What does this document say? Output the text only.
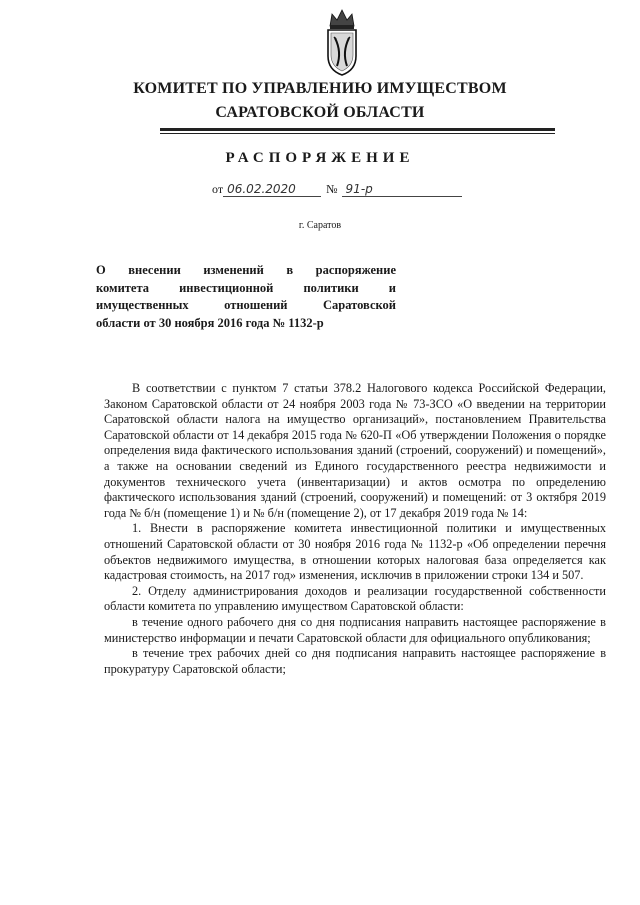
КОМИТЕТ ПО УПРАВЛЕНИЮ ИМУЩЕСТВОМ
САРАТОВСКОЙ ОБЛАСТИ
РАСПОРЯЖЕНИЕ
от 06.02.2020	№ 91-р
г. Саратов
О внесении изменений в распоряжение
комитета инвестиционной политики и
имущественных отношений Саратовской
области от 30 ноября 2016 года № 1132-р

В соответствии с пунктом 7 статьи 378.2 Налогового кодекса Российской Федерации, Законом Саратовской области от 24 ноября 2003 года № 73-ЗСО «О введении на территории Саратовской области налога на имущество организаций», постановлением Правительства Саратовской области от 14 декабря 2015 года № 620-П «Об утверждении Положения о порядке определения вида фактического использования зданий (строений, сооружений) и помещений», а также на основании сведений из Единого государственного реестра недвижимости и документов технического учета (инвентаризации) и актов осмотра по определению фактического использования зданий (строений, сооружений) и помещений: от 3 октября 2019 года № б/н (помещение 1) и № б/н (помещение 2), от 17 декабря 2019 года № 14:

1. Внести в распоряжение комитета инвестиционной политики и имущественных отношений Саратовской области от 30 ноября 2016 года № 1132-р «Об определении перечня объектов недвижимого имущества, в отношении которых налоговая база определяется как кадастровая стоимость, на 2017 год» изменения, исключив в приложении строки 134 и 507.

2. Отделу администрирования доходов и реализации государственной собственности области комитета по управлению имуществом Саратовской области:

в течение одного рабочего дня со дня подписания направить настоящее распоряжение в министерство информации и печати Саратовской области для официального опубликования;

в течение трех рабочих дней со дня подписания направить настоящее распоряжение в прокуратуру Саратовской области;
